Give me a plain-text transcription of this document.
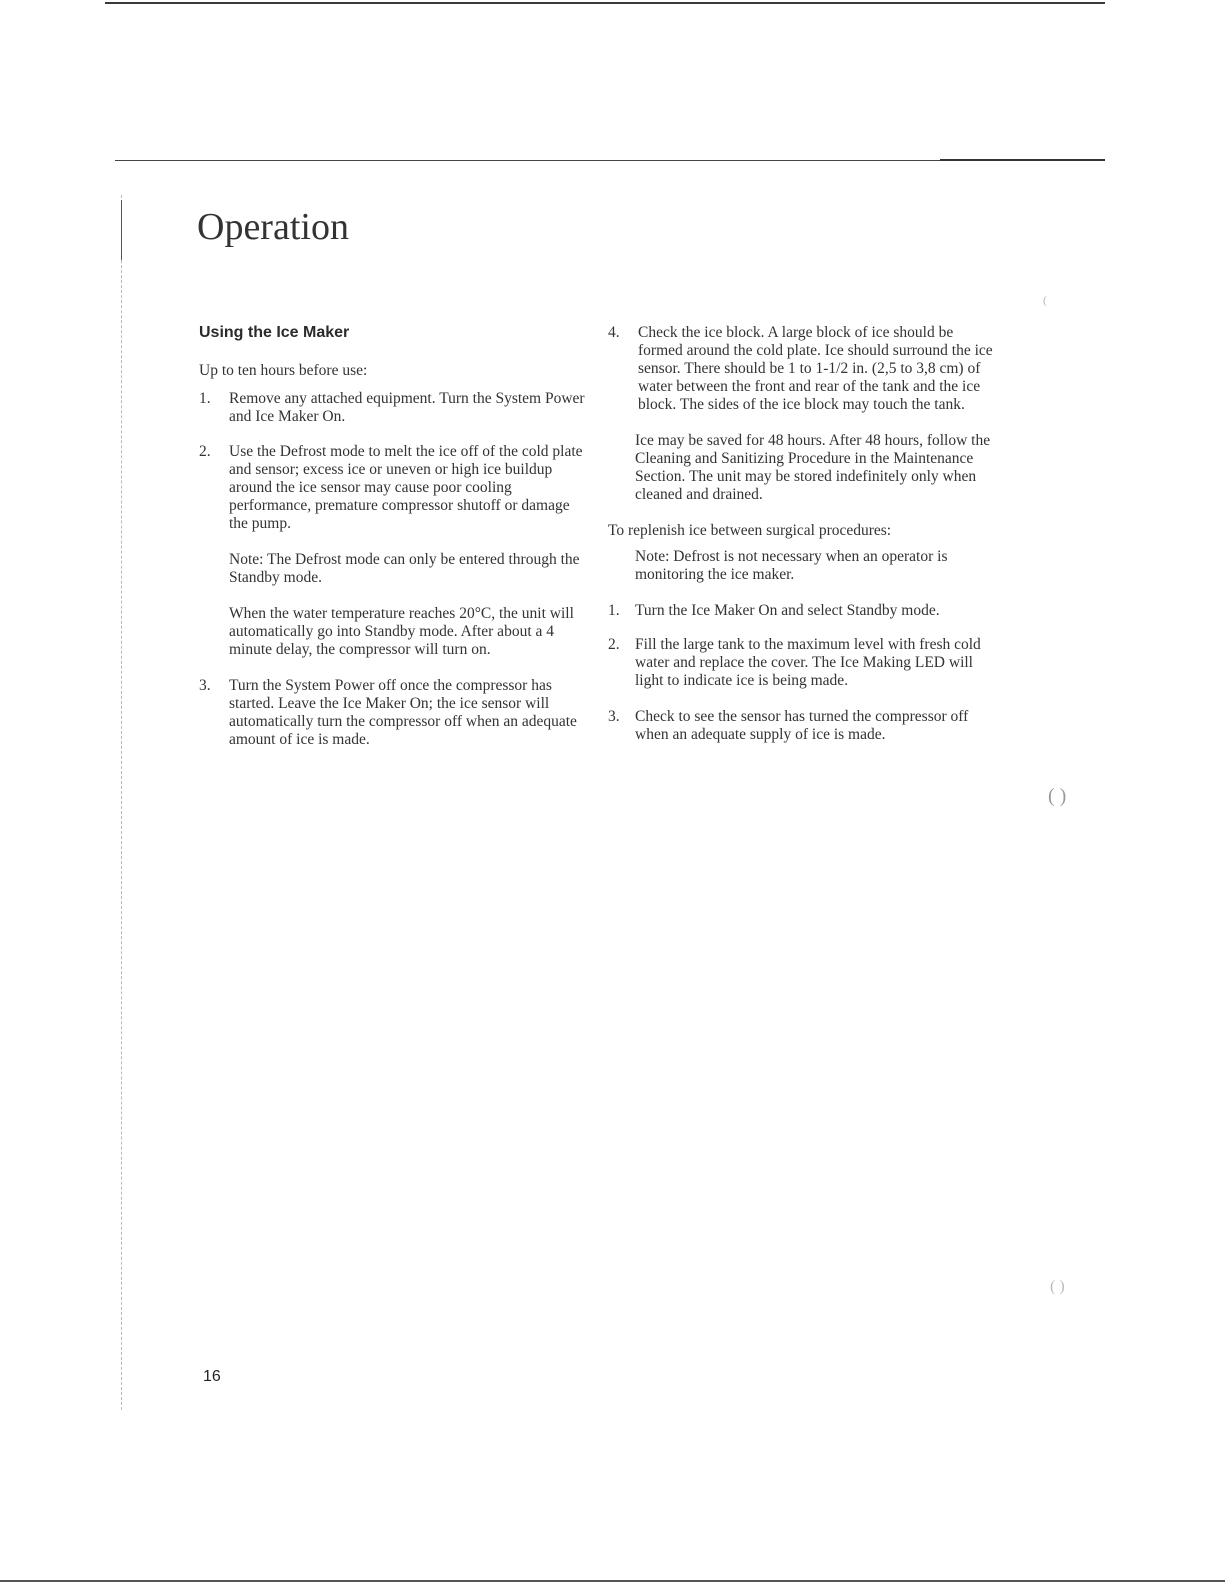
Operation
Using the Ice Maker
Up to ten hours before use:
1.	Remove any attached equipment. Turn the System Power and Ice Maker On.
2.	Use the Defrost mode to melt the ice off of the cold plate and sensor; excess ice or uneven or high ice buildup around the ice sensor may cause poor cooling performance, premature compressor shutoff or damage the pump.
Note: The Defrost mode can only be entered through the Standby mode.
When the water temperature reaches 20°C, the unit will automatically go into Standby mode. After about a 4 minute delay, the compressor will turn on.
3.	Turn the System Power off once the compressor has started. Leave the Ice Maker On; the ice sensor will automatically turn the compressor off when an adequate amount of ice is made.
4.	Check the ice block. A large block of ice should be formed around the cold plate. Ice should surround the ice sensor. There should be 1 to 1-1/2 in. (2,5 to 3,8 cm) of water between the front and rear of the tank and the ice block. The sides of the ice block may touch the tank.
Ice may be saved for 48 hours. After 48 hours, follow the Cleaning and Sanitizing Procedure in the Maintenance Section. The unit may be stored indefinitely only when cleaned and drained.
To replenish ice between surgical procedures:
Note: Defrost is not necessary when an operator is monitoring the ice maker.
1. Turn the Ice Maker On and select Standby mode.
2. Fill the large tank to the maximum level with fresh cold water and replace the cover. The Ice Making LED will light to indicate ice is being made.
3. Check to see the sensor has turned the compressor off when an adequate supply of ice is made.
16
( )
( )
(
